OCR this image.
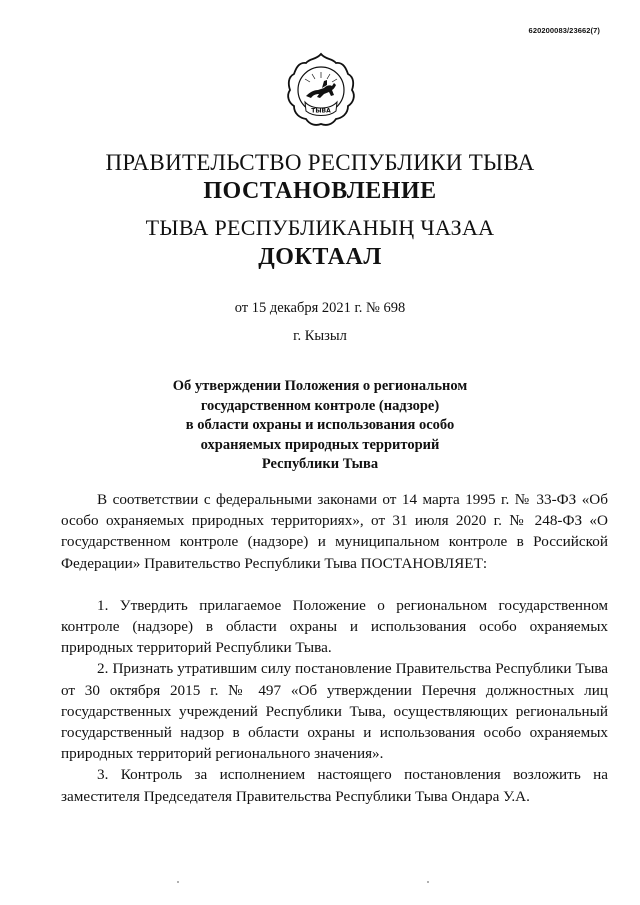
620200083/23662(7)
ТЫВА
ПРАВИТЕЛЬСТВО РЕСПУБЛИКИ ТЫВА
ПОСТАНОВЛЕНИЕ
ТЫВА РЕСПУБЛИКАНЫҢ ЧАЗАА
ДОКТААЛ
от 15 декабря 2021 г. № 698
г. Кызыл
Об утверждении Положения о региональном
государственном контроле (надзоре)
в области охраны и использования особо
охраняемых природных территорий
Республики Тыва

В соответствии с федеральными законами от 14 марта 1995 г. № 33-ФЗ «Об особо охраняемых природных территориях», от 31 июля 2020 г. № 248-ФЗ «О государственном контроле (надзоре) и муниципальном контроле в Российской Федерации» Правительство Республики Тыва ПОСТАНОВЛЯЕТ:

1. Утвердить прилагаемое Положение о региональном государственном контроле (надзоре) в области охраны и использования особо охраняемых природных территорий Республики Тыва.

2. Признать утратившим силу постановление Правительства Республики Тыва от 30 октября 2015 г. № 497 «Об утверждении Перечня должностных лиц государственных учреждений Республики Тыва, осуществляющих региональный государственный надзор в области охраны и использования особо охраняемых природных территорий регионального значения».

3. Контроль за исполнением настоящего постановления возложить на заместителя Председателя Правительства Республики Тыва Ондара У.А.
